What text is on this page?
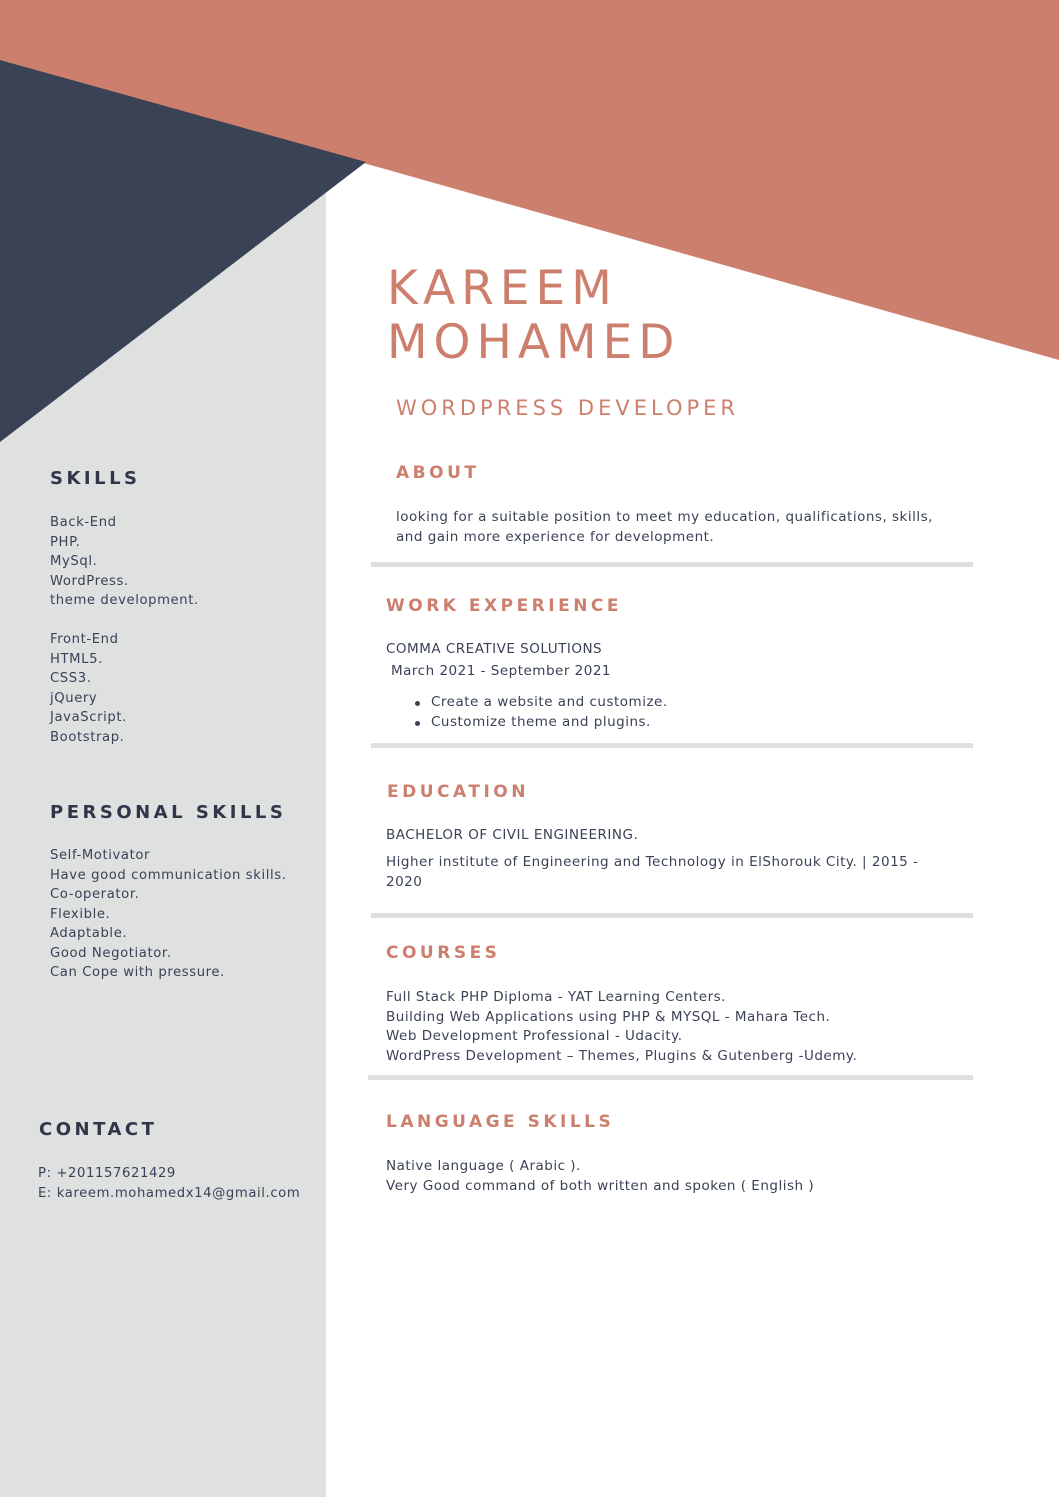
KAREEM
MOHAMED
WORDPRESS DEVELOPER
SKILLS
Back-End
PHP.
MySql.
WordPress.
theme development.
Front-End
HTML5.
CSS3.
jQuery
JavaScript.
Bootstrap.
PERSONAL SKILLS
Self-Motivator
Have good communication skills.
Co-operator.
Flexible.
Adaptable.
Good Negotiator.
Can Cope with pressure.
CONTACT
P: +201157621429
E: kareem.mohamedx14@gmail.com
ABOUT
looking for a suitable position to meet my education, qualifications, skills, and gain more experience for development.
WORK EXPERIENCE
COMMA CREATIVE SOLUTIONS
March 2021 - September 2021
Create a website and customize.
Customize theme and plugins.
EDUCATION
BACHELOR OF CIVIL ENGINEERING.
Higher institute of Engineering and Technology in ElShorouk City. | 2015 - 2020
COURSES
Full Stack PHP Diploma - YAT Learning Centers.
Building Web Applications using PHP & MYSQL - Mahara Tech.
Web Development Professional - Udacity.
WordPress Development – Themes, Plugins & Gutenberg -Udemy.
LANGUAGE SKILLS
Native language ( Arabic ).
Very Good command of both written and spoken ( English )
